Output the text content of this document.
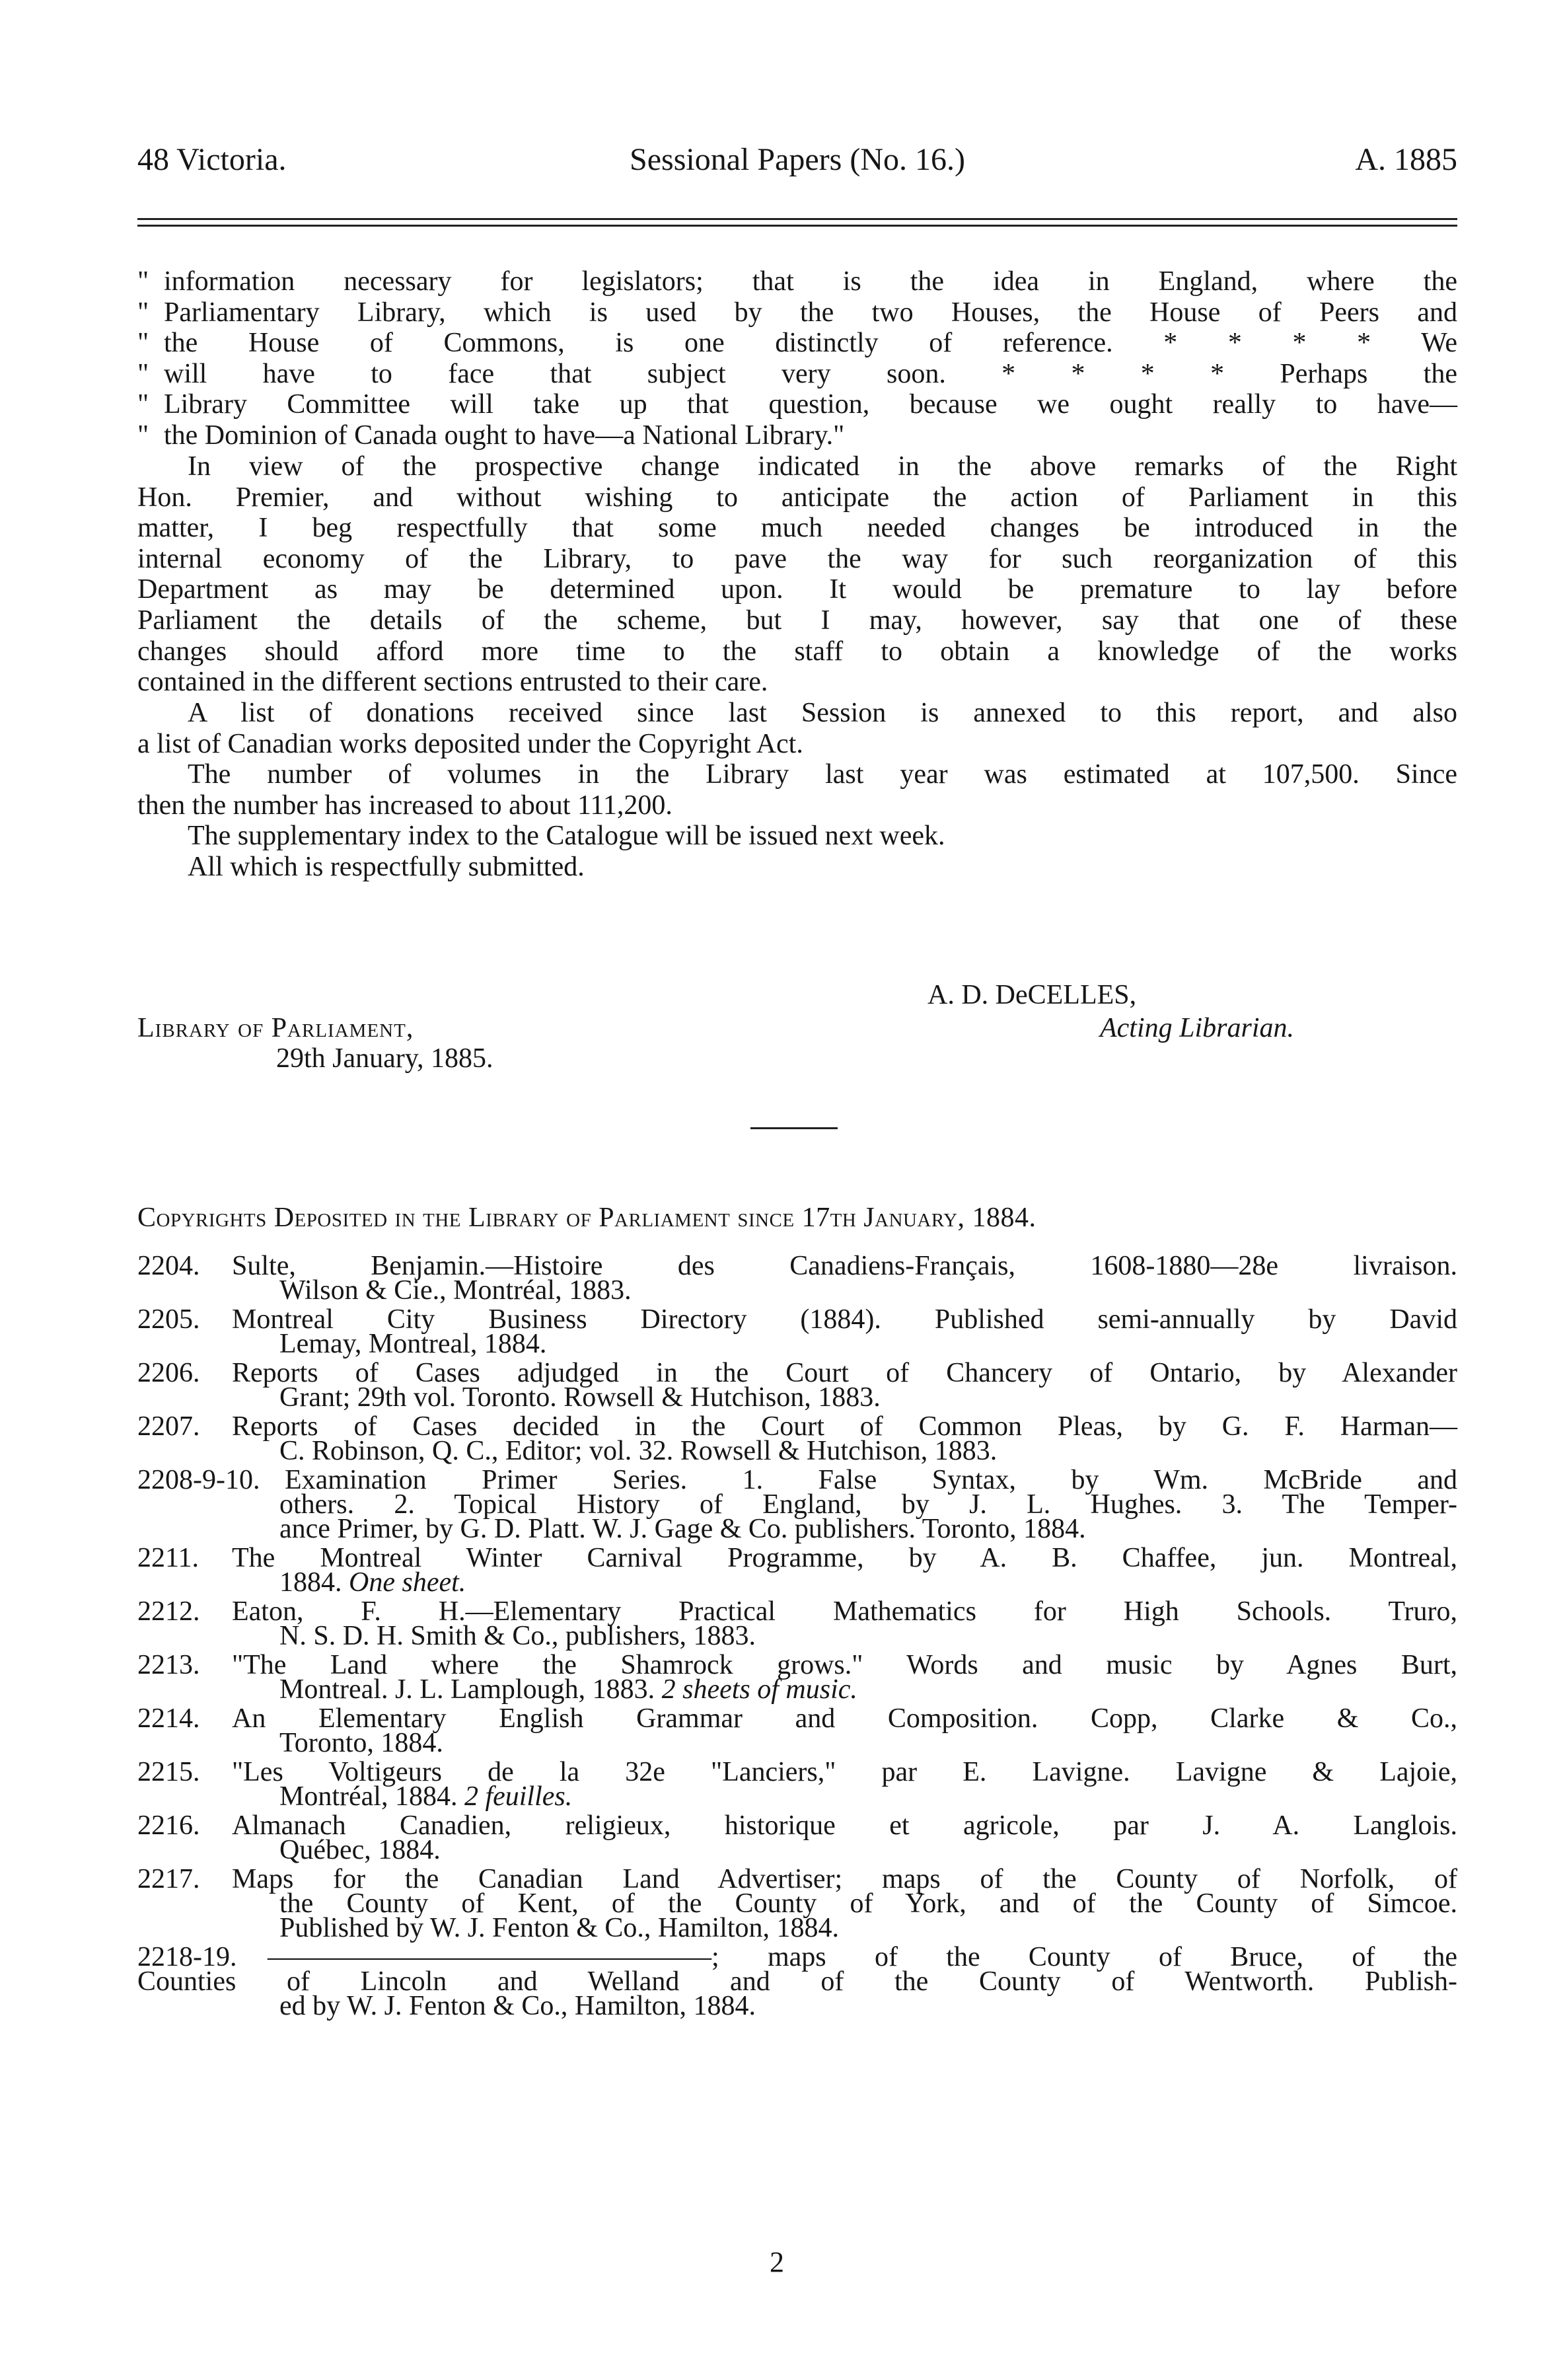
48 Victoria.	Sessional Papers (No. 16.)	A. 1885
" information necessary for legislators; that is the idea in England, where the
" Parliamentary Library, which is used by the two Houses, the House of Peers and
" the House of Commons, is one distinctly of reference. * * * * We
" will have to face that subject very soon. * * * * Perhaps the
" Library Committee will take up that question, because we ought really to have—
" the Dominion of Canada ought to have—a National Library."
In view of the prospective change indicated in the above remarks of the Right
Hon. Premier, and without wishing to anticipate the action of Parliament in this
matter, I beg respectfully that some much needed changes be introduced in the
internal economy of the Library, to pave the way for such reorganization of this
Department as may be determined upon. It would be premature to lay before
Parliament the details of the scheme, but I may, however, say that one of these
changes should afford more time to the staff to obtain a knowledge of the works
contained in the different sections entrusted to their care.
A list of donations received since last Session is annexed to this report, and also
a list of Canadian works deposited under the Copyright Act.
The number of volumes in the Library last year was estimated at 107,500. Since
then the number has increased to about 111,200.
The supplementary index to the Catalogue will be issued next week.
All which is respectfully submitted.
A. D. DeCELLES,
Library of Parliament,	Acting Librarian.
29th January, 1885.
Copyrights Deposited in the Library of Parliament since 17th January, 1884.
2204. Sulte, Benjamin.—Histoire des Canadiens-Français, 1608-1880—28e livraison.
Wilson & Cie., Montréal, 1883.
2205. Montreal City Business Directory (1884). Published semi-annually by David
Lemay, Montreal, 1884.
2206. Reports of Cases adjudged in the Court of Chancery of Ontario, by Alexander
Grant; 29th vol. Toronto. Rowsell & Hutchison, 1883.
2207. Reports of Cases decided in the Court of Common Pleas, by G. F. Harman—
C. Robinson, Q. C., Editor; vol. 32. Rowsell & Hutchison, 1883.
2208-9-10. Examination Primer Series. 1. False Syntax, by Wm. McBride and
others. 2. Topical History of England, by J. L. Hughes. 3. The Temper-
ance Primer, by G. D. Platt. W. J. Gage & Co. publishers. Toronto, 1884.
2211. The Montreal Winter Carnival Programme, by A. B. Chaffee, jun. Montreal,
1884. One sheet.
2212. Eaton, F. H.—Elementary Practical Mathematics for High Schools. Truro,
N. S. D. H. Smith & Co., publishers, 1883.
2213. "The Land where the Shamrock grows." Words and music by Agnes Burt,
Montreal. J. L. Lamplough, 1883. 2 sheets of music.
2214. An Elementary English Grammar and Composition. Copp, Clarke & Co.,
Toronto, 1884.
2215. "Les Voltigeurs de la 32e "Lanciers," par E. Lavigne. Lavigne & Lajoie,
Montréal, 1884. 2 feuilles.
2216. Almanach Canadien, religieux, historique et agricole, par J. A. Langlois.
Québec, 1884.
2217. Maps for the Canadian Land Advertiser; maps of the County of Norfolk, of
the County of Kent, of the County of York, and of the County of Simcoe.
Published by W. J. Fenton & Co., Hamilton, 1884.
2218-19. ————————————————; maps of the County of Bruce, of the
Counties of Lincoln and Welland and of the County of Wentworth. Publish-
ed by W. J. Fenton & Co., Hamilton, 1884.
2
